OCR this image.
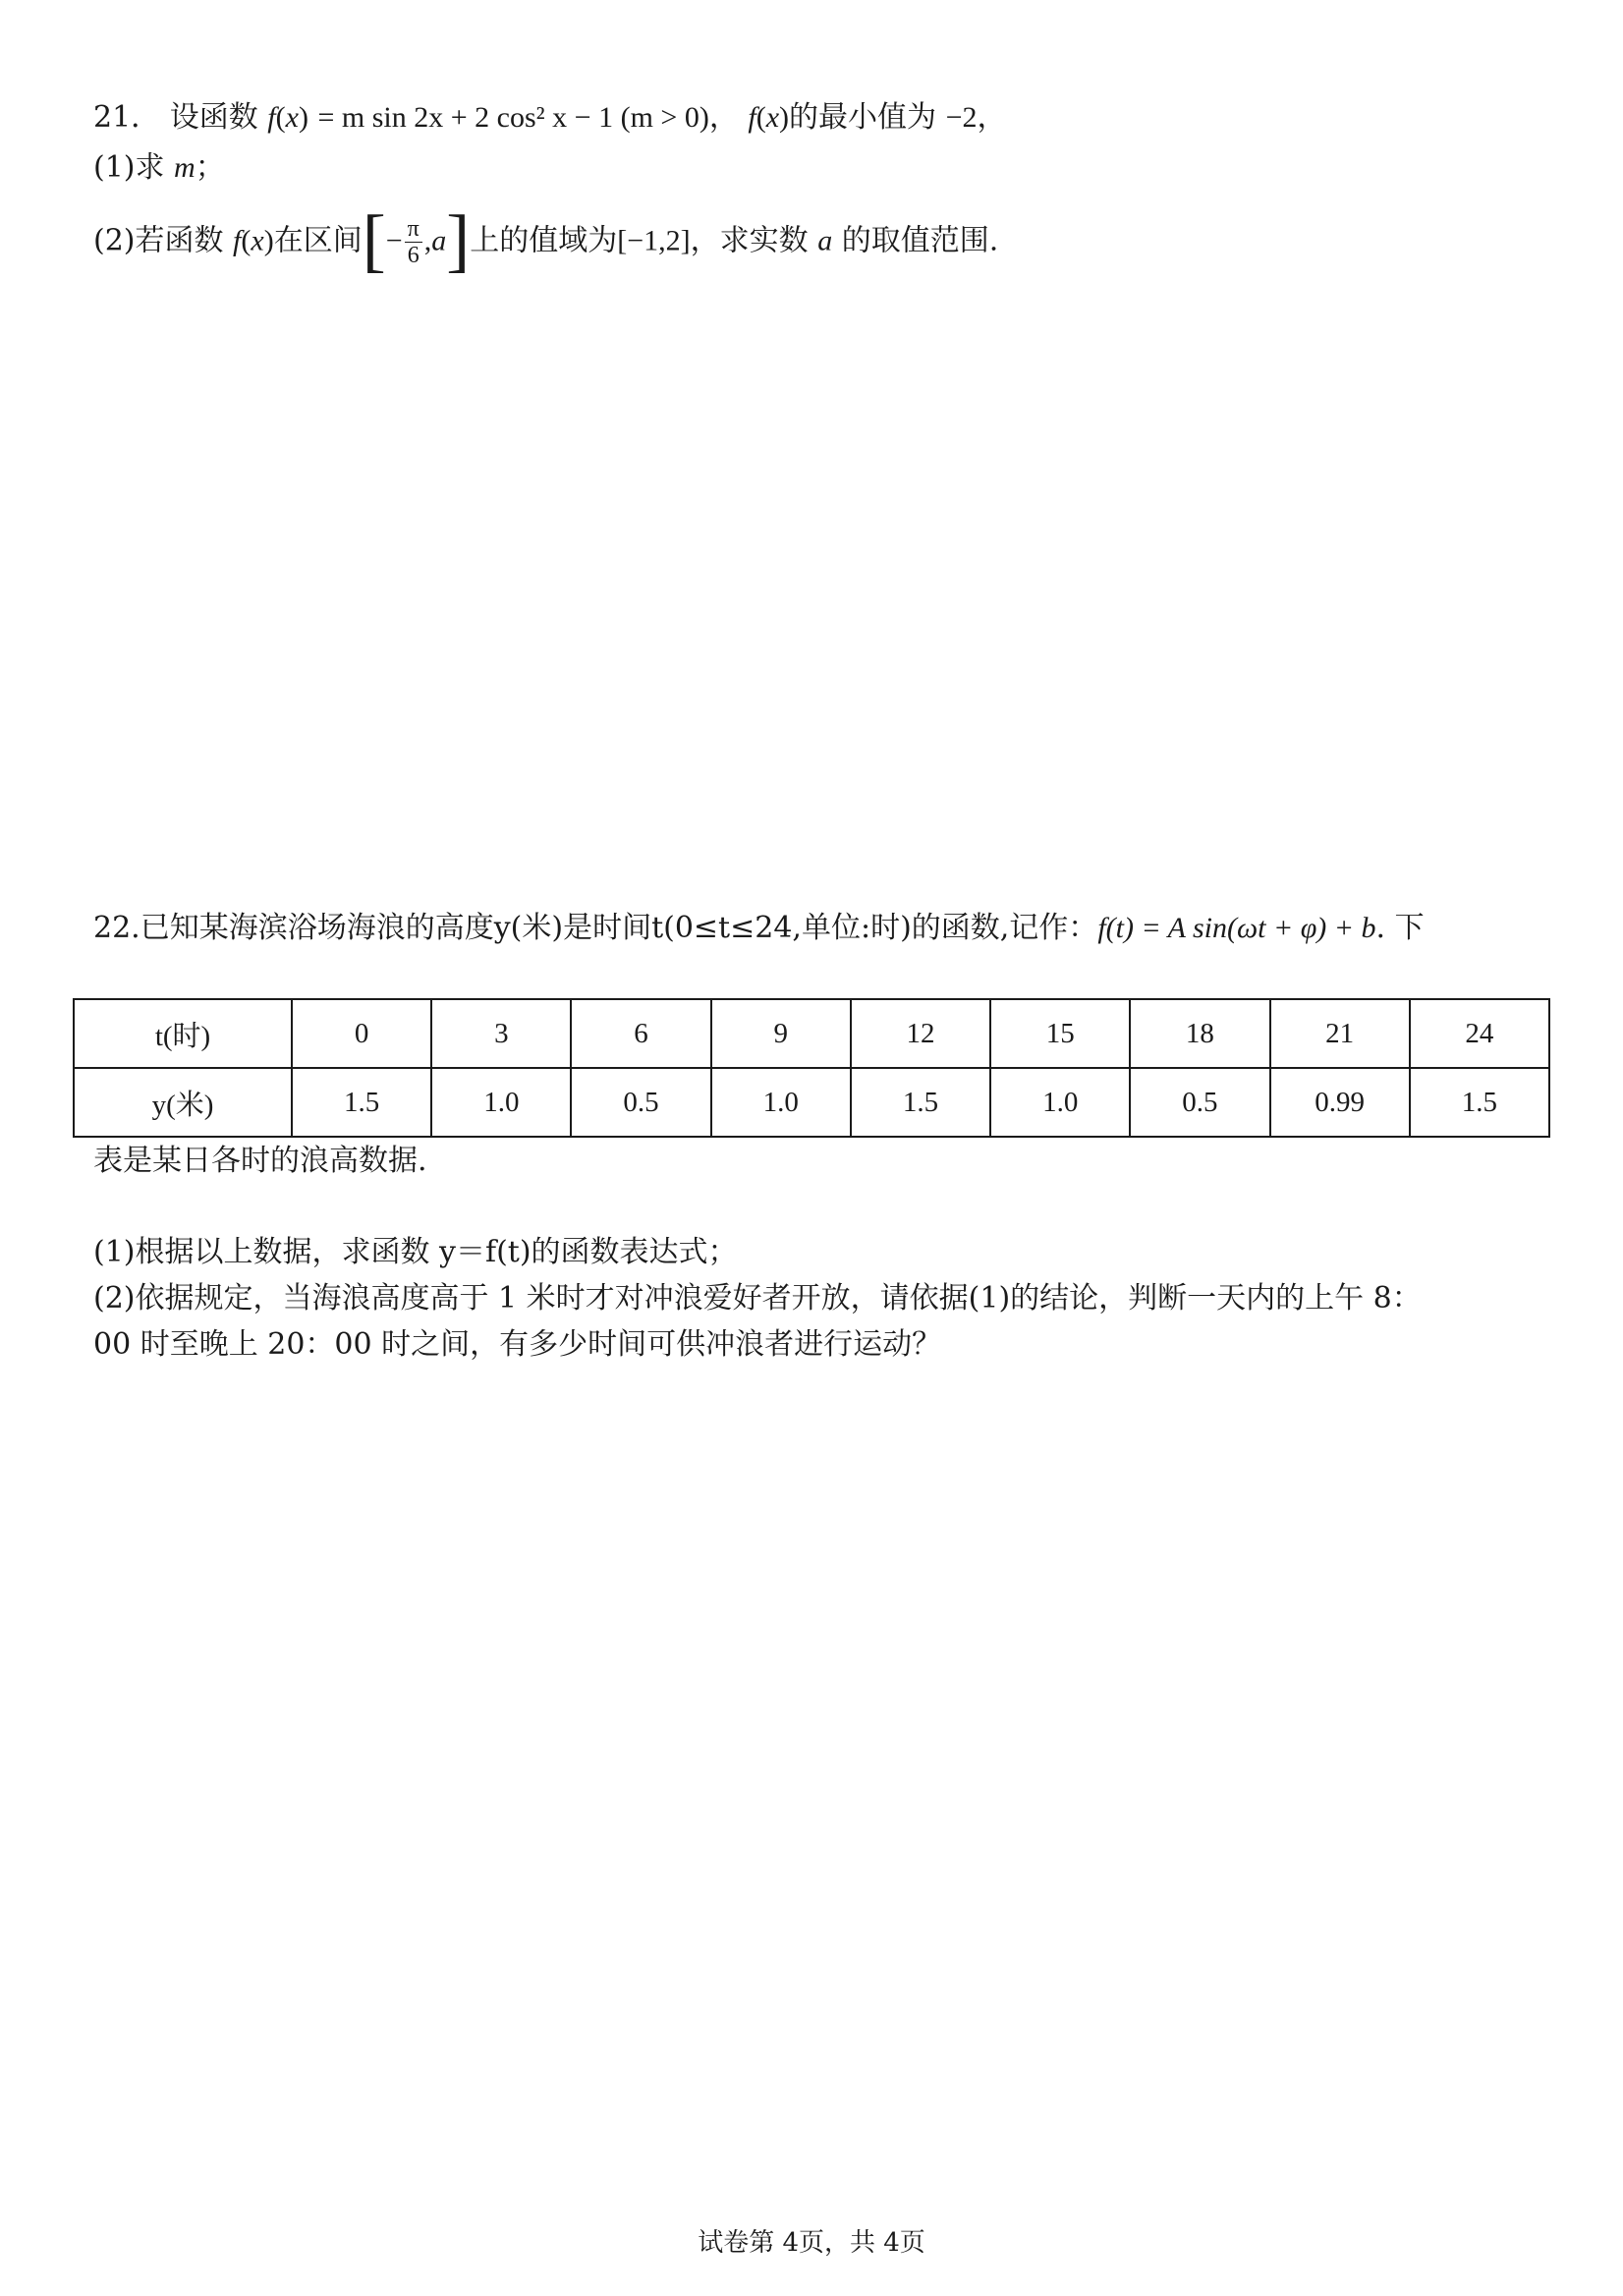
21． 设函数 f(x) = m sin 2x + 2 cos² x − 1 (m > 0)， f(x)的最小值为 −2，
(1)求 m；
(2)若函数 f(x)在区间[− $\frac{\pi}{6} ,a$]上的值域为[−1,2]，求实数 a 的取值范围.
22.已知某海滨浴场海浪的高度y(米)是时间t(0≤t≤24,单位:时)的函数,记作：f(t) = A sin(ωt + φ) + b. 下
t(时)	0	3	6	9	12	15	18	21	24
y(米)	1.5	1.0	0.5	1.0	1.5	1.0	0.5	0.99	1.5
表是某日各时的浪高数据.
(1)根据以上数据，求函数 y＝f(t)的函数表达式；
(2)依据规定，当海浪高度高于 1 米时才对冲浪爱好者开放，请依据(1)的结论，判断一天内的上午 8：
00 时至晚上 20：00 时之间，有多少时间可供冲浪者进行运动？
试卷第 4页，共 4页
